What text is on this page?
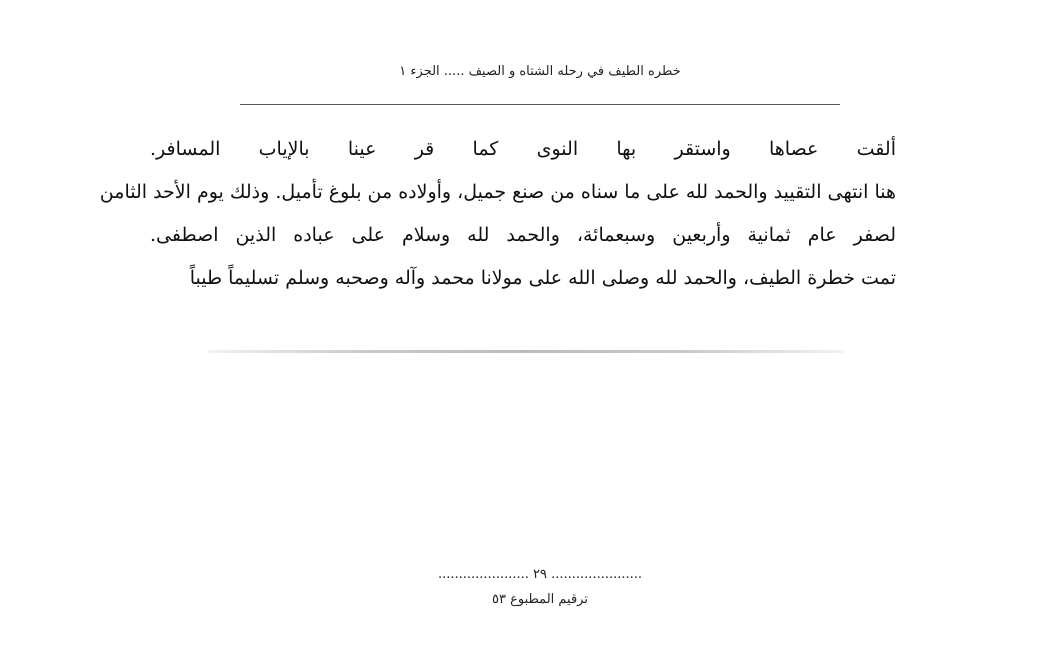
خطره الطيف في رحله الشتاه و الصيف ..... الجزء ١
ألقت عصاها واستقر بها النوى كما قر عينا بالإياب المسافر.
هنا انتهى التقييد والحمد لله على ما سناه من صنع جميل، وأولاده من بلوغ تأميل. وذلك يوم الأحد الثامن
لصفر عام ثمانية وأربعين وسبعمائة، والحمد لله وسلام على عباده الذين اصطفى.
تمت خطرة الطيف، والحمد لله وصلى الله على مولانا محمد وآله وصحبه وسلم تسليماً طيباً
...................... ٢٩ ......................
ترقيم المطبوع ٥٣
